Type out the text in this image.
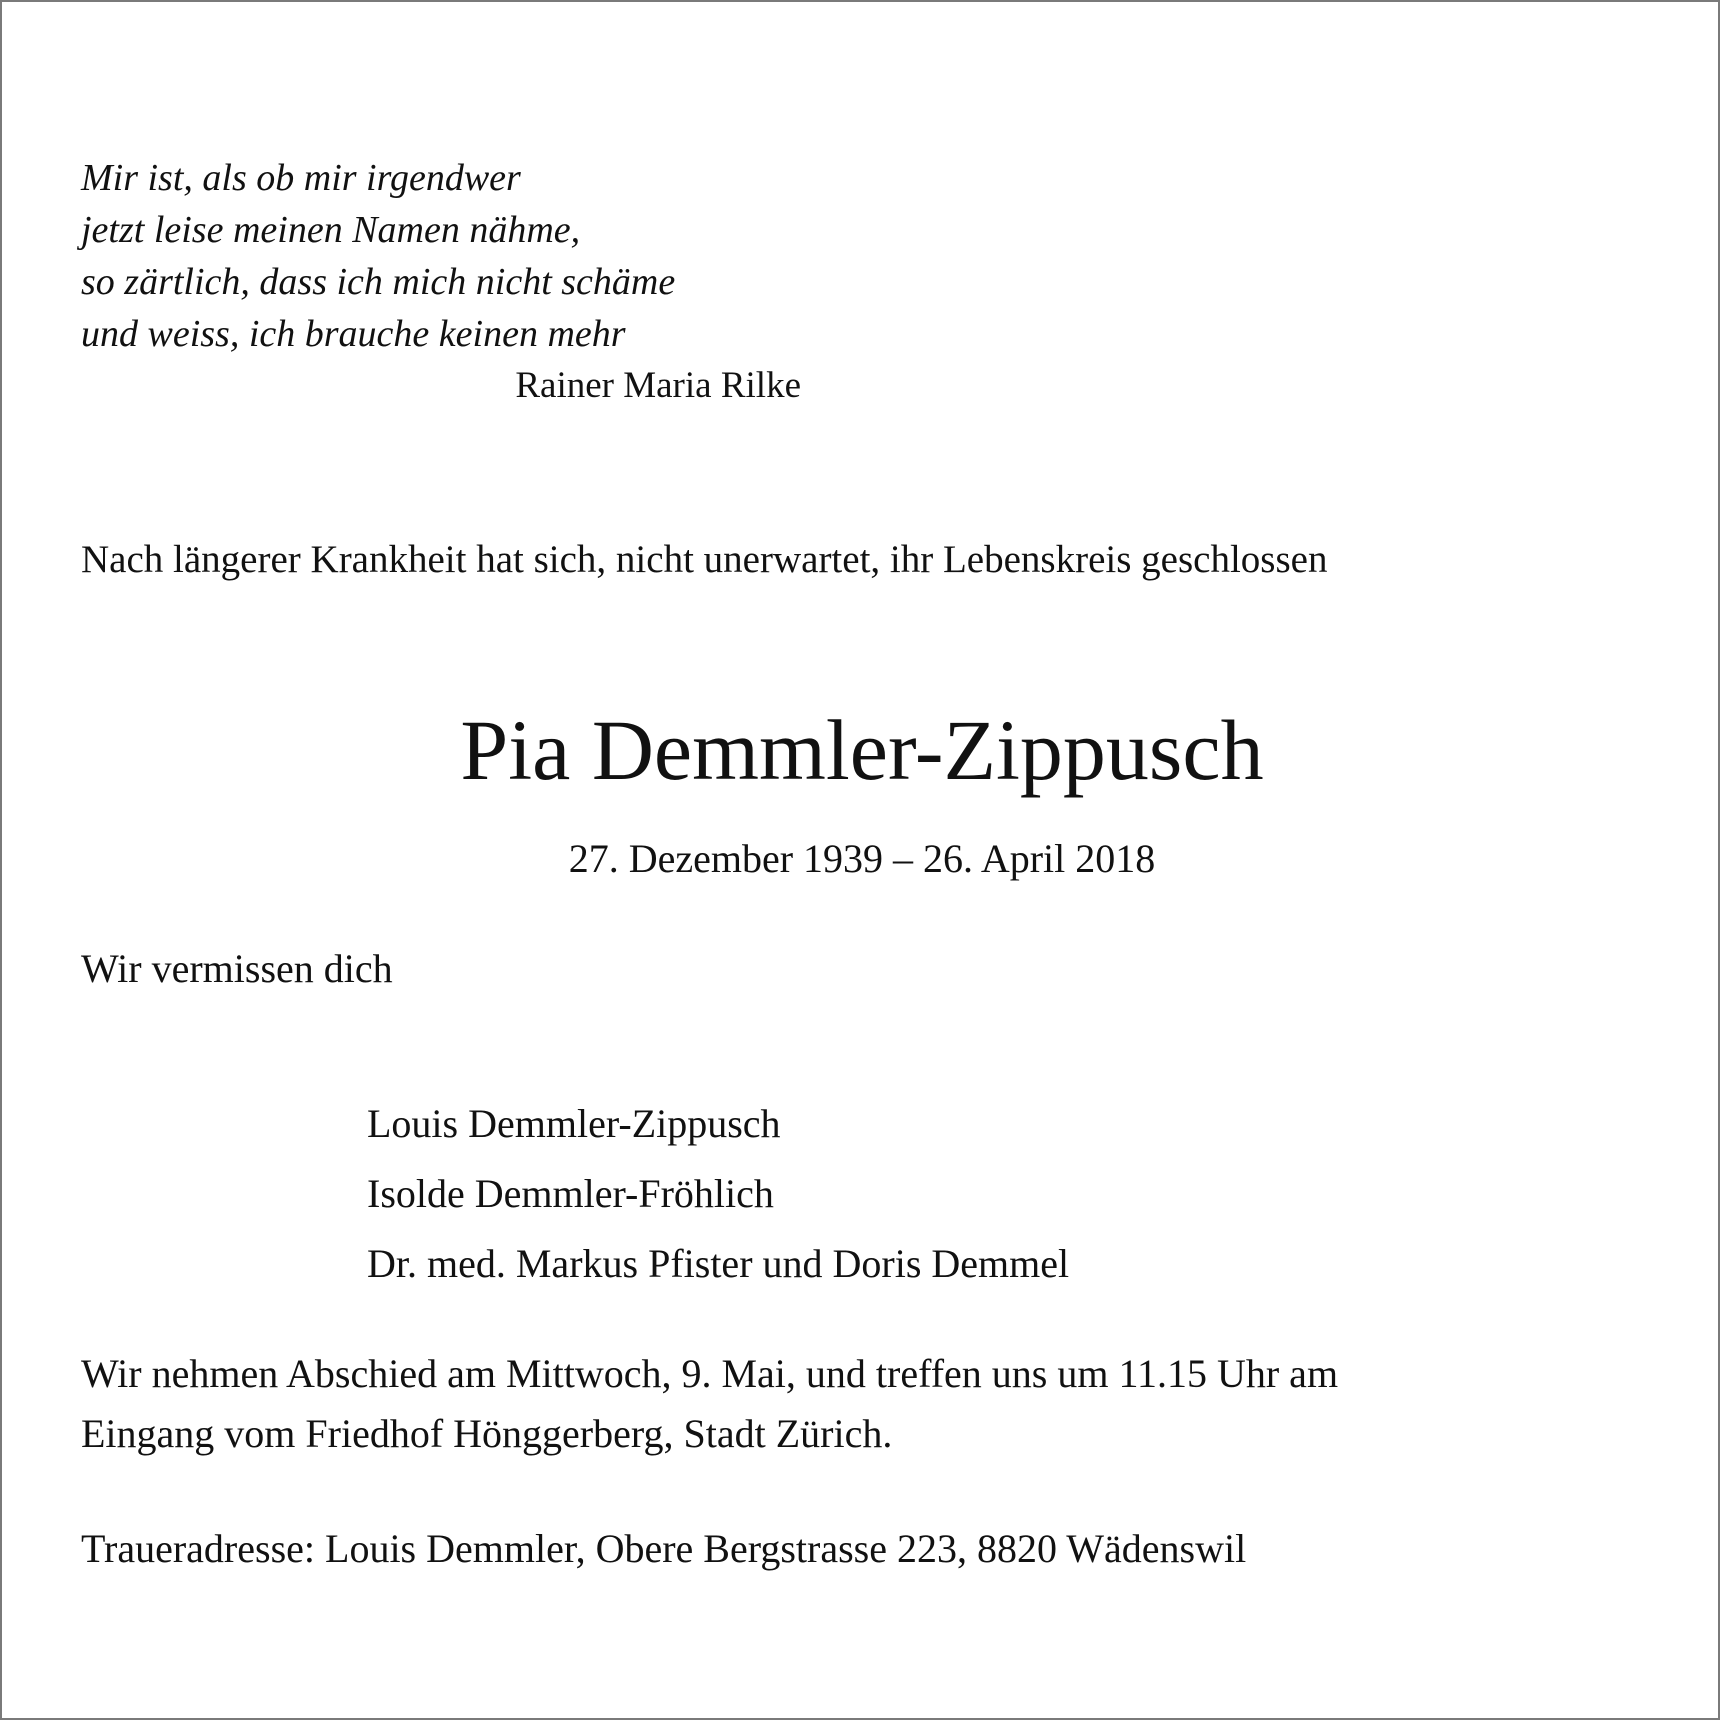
Mir ist, als ob mir irgendwer
jetzt leise meinen Namen nähme,
so zärtlich, dass ich mich nicht schäme
und weiss, ich brauche keinen mehr
Rainer Maria Rilke
Nach längerer Krankheit hat sich, nicht unerwartet, ihr Lebenskreis geschlossen
Pia Demmler-Zippusch
27. Dezember 1939 – 26. April 2018
Wir vermissen dich
Louis Demmler-Zippusch
Isolde Demmler-Fröhlich
Dr. med. Markus Pfister und Doris Demmel
Wir nehmen Abschied am Mittwoch, 9. Mai, und treffen uns um 11.15 Uhr am
Eingang vom Friedhof Hönggerberg, Stadt Zürich.
Traueradresse: Louis Demmler, Obere Bergstrasse 223, 8820 Wädenswil
